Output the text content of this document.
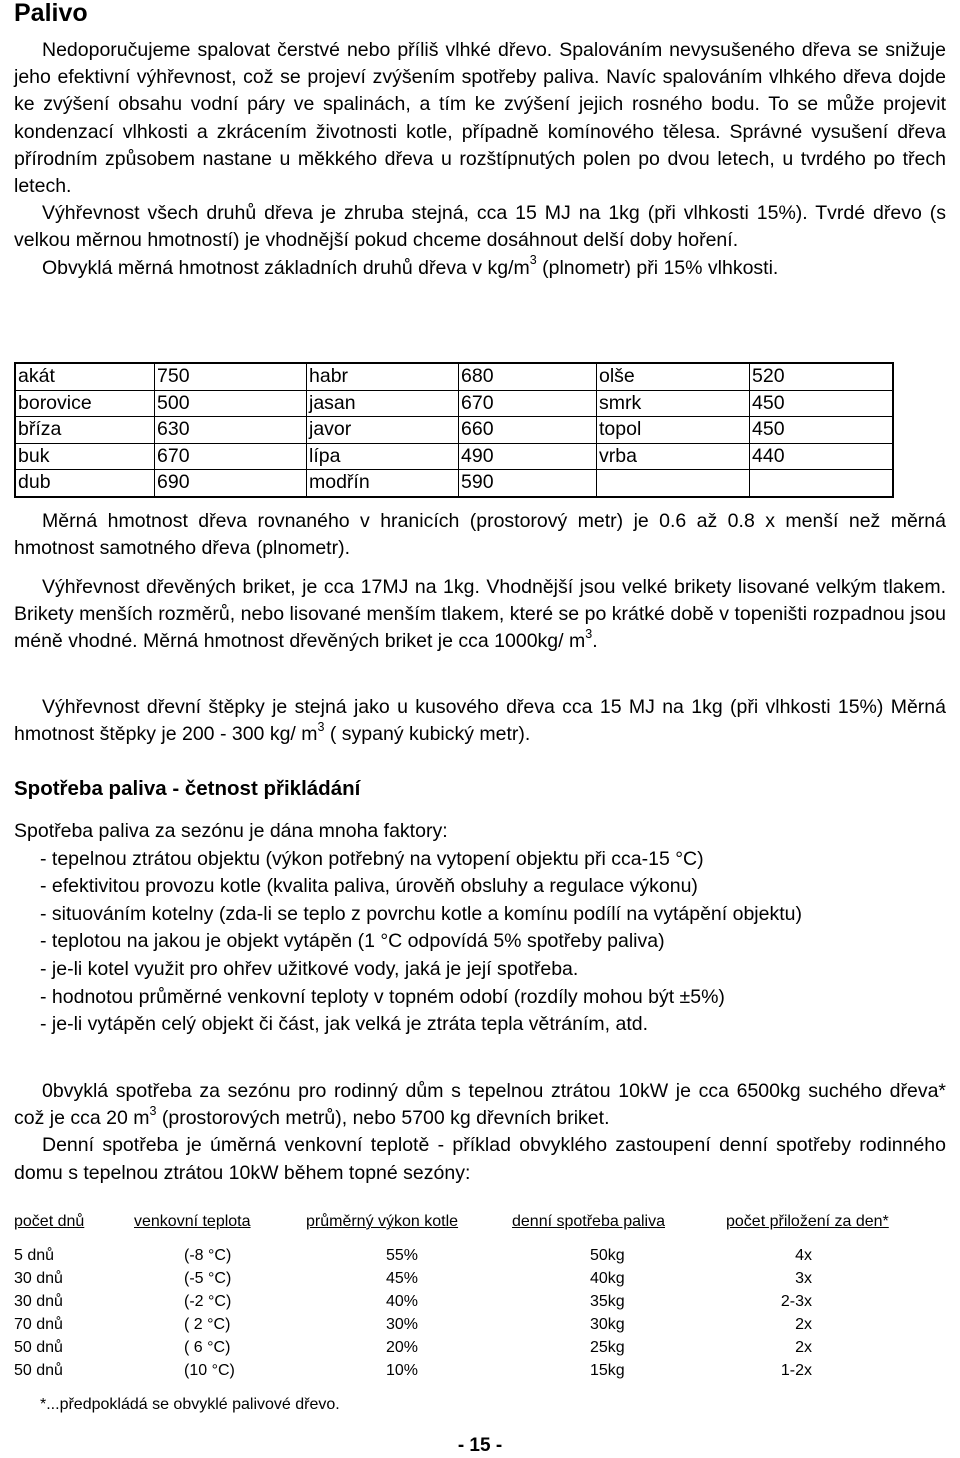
Palivo

Nedoporučujeme spalovat čerstvé nebo příliš vlhké dřevo. Spalováním nevysušeného dřeva se snižuje jeho efektivní výhřevnost, což se projeví zvýšením spotřeby paliva. Navíc spalováním vlhkého dřeva dojde ke zvýšení obsahu vodní páry ve spalinách, a tím ke zvýšení jejich rosného bodu. To se může projevit kondenzací vlhkosti a zkrácením životnosti kotle, případně komínového tělesa. Správné vysušení dřeva přírodním způsobem nastane u měkkého dřeva u rozštípnutých polen po dvou letech, u tvrdého po třech letech.

Výhřevnost všech druhů dřeva je zhruba stejná, cca 15 MJ na 1kg (při vlhkosti 15%). Tvrdé dřevo (s velkou měrnou hmotností) je vhodnější pokud chceme dosáhnout delší doby hoření.

Obvyklá měrná hmotnost základních druhů dřeva v $kg/m^3$ (plnometr) při 15% vlhkosti.

akát	750	habr	680	olše	520
borovice	500	jasan	670	smrk	450
bříza	630	javor	660	topol	450
buk	670	lípa	490	vrba	440
dub	690	modřín	590		

Měrná hmotnost dřeva rovnaného v hranicích (prostorový metr) je 0.6 až 0.8 x menší než měrná hmotnost samotného dřeva (plnometr).

Výhřevnost dřevěných briket, je cca 17MJ na 1kg. Vhodnější jsou velké brikety lisované velkým tlakem. Brikety menších rozměrů, nebo lisované menším tlakem, které se po krátké době v topeništi rozpadnou jsou méně vhodné. Měrná hmotnost dřevěných briket je cca 1000kg/ $m^3$.

Výhřevnost dřevní štěpky je stejná jako u kusového dřeva cca 15 MJ na 1kg (při vlhkosti 15%) Měrná hmotnost štěpky je 200 - 300 kg/ $m^3$ ( sypaný kubický metr).

Spotřeba paliva - četnost přikládání
Spotřeba paliva za sezónu je dána mnoha faktory:
- tepelnou ztrátou objektu (výkon potřebný na vytopení objektu při cca-15 °C)
- efektivitou provozu kotle (kvalita paliva, úrověň obsluhy a regulace výkonu)
- situováním kotelny (zda-li se teplo z povrchu kotle a komínu podílí na vytápění objektu)
- teplotou na jakou je objekt vytápěn (1 °C odpovídá 5% spotřeby paliva)
- je-li kotel využit pro ohřev užitkové vody, jaká je její spotřeba.
- hodnotou průměrné venkovní teploty v topném odobí (rozdíly mohou být ±5%)
- je-li vytápěn celý objekt či část, jak velká je ztráta tepla větráním, atd.

0bvyklá spotřeba za sezónu pro rodinný dům s tepelnou ztrátou 10kW je cca 6500kg suchého dřeva* což je cca 20 $m^3$ (prostorových metrů), nebo 5700 kg dřevních briket.

Denní spotřeba je úměrná venkovní teplotě - příklad obvyklého zastoupení denní spotřeby rodinného domu s tepelnou ztrátou 10kW během topné sezóny:

počet dnů	venkovní teplota	průměrný výkon kotle	denní spotřeba paliva	počet přiložení za den*
5 dnů	(-8 °C)	55%	50kg	4x
30 dnů	(-5 °C)	45%	40kg	3x
30 dnů	(-2 °C)	40%	35kg	2-3x
70 dnů	( 2 °C)	30%	30kg	2x
50 dnů	( 6 °C)	20%	25kg	2x
50 dnů	(10 °C)	10%	15kg	1-2x
*...předpokládá se obvyklé palivové dřevo.
- 15 -
